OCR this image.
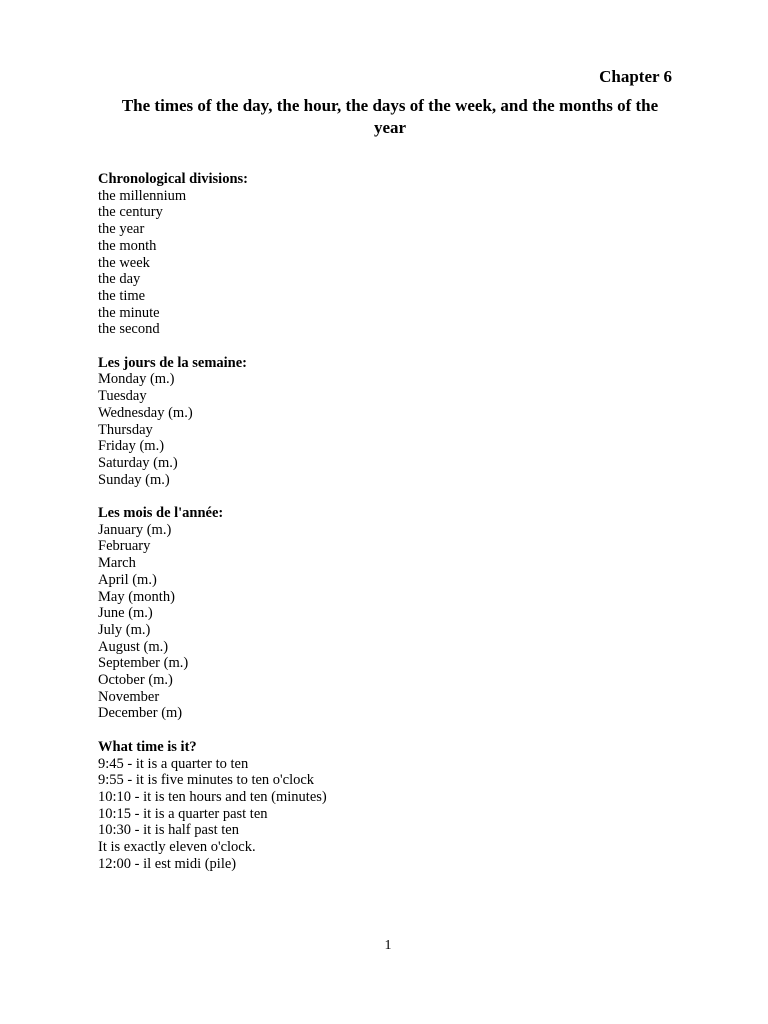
Chapter 6
The times of the day, the hour, the days of the week, and the months of the year
Chronological divisions:
the millennium
the century
the year
the month
the week
the day
the time
the minute
the second
Les jours de la semaine:
Monday (m.)
Tuesday
Wednesday (m.)
Thursday
Friday (m.)
Saturday (m.)
Sunday (m.)
Les mois de l'année:
January (m.)
February
March
April (m.)
May (month)
June (m.)
July (m.)
August (m.)
September (m.)
October (m.)
November
December (m)
What time is it?
9:45 - it is a quarter to ten
9:55 - it is five minutes to ten o'clock
10:10 - it is ten hours and ten (minutes)
10:15 - it is a quarter past ten
10:30 - it is half past ten
It is exactly eleven o'clock.
12:00 - il est midi (pile)
1
